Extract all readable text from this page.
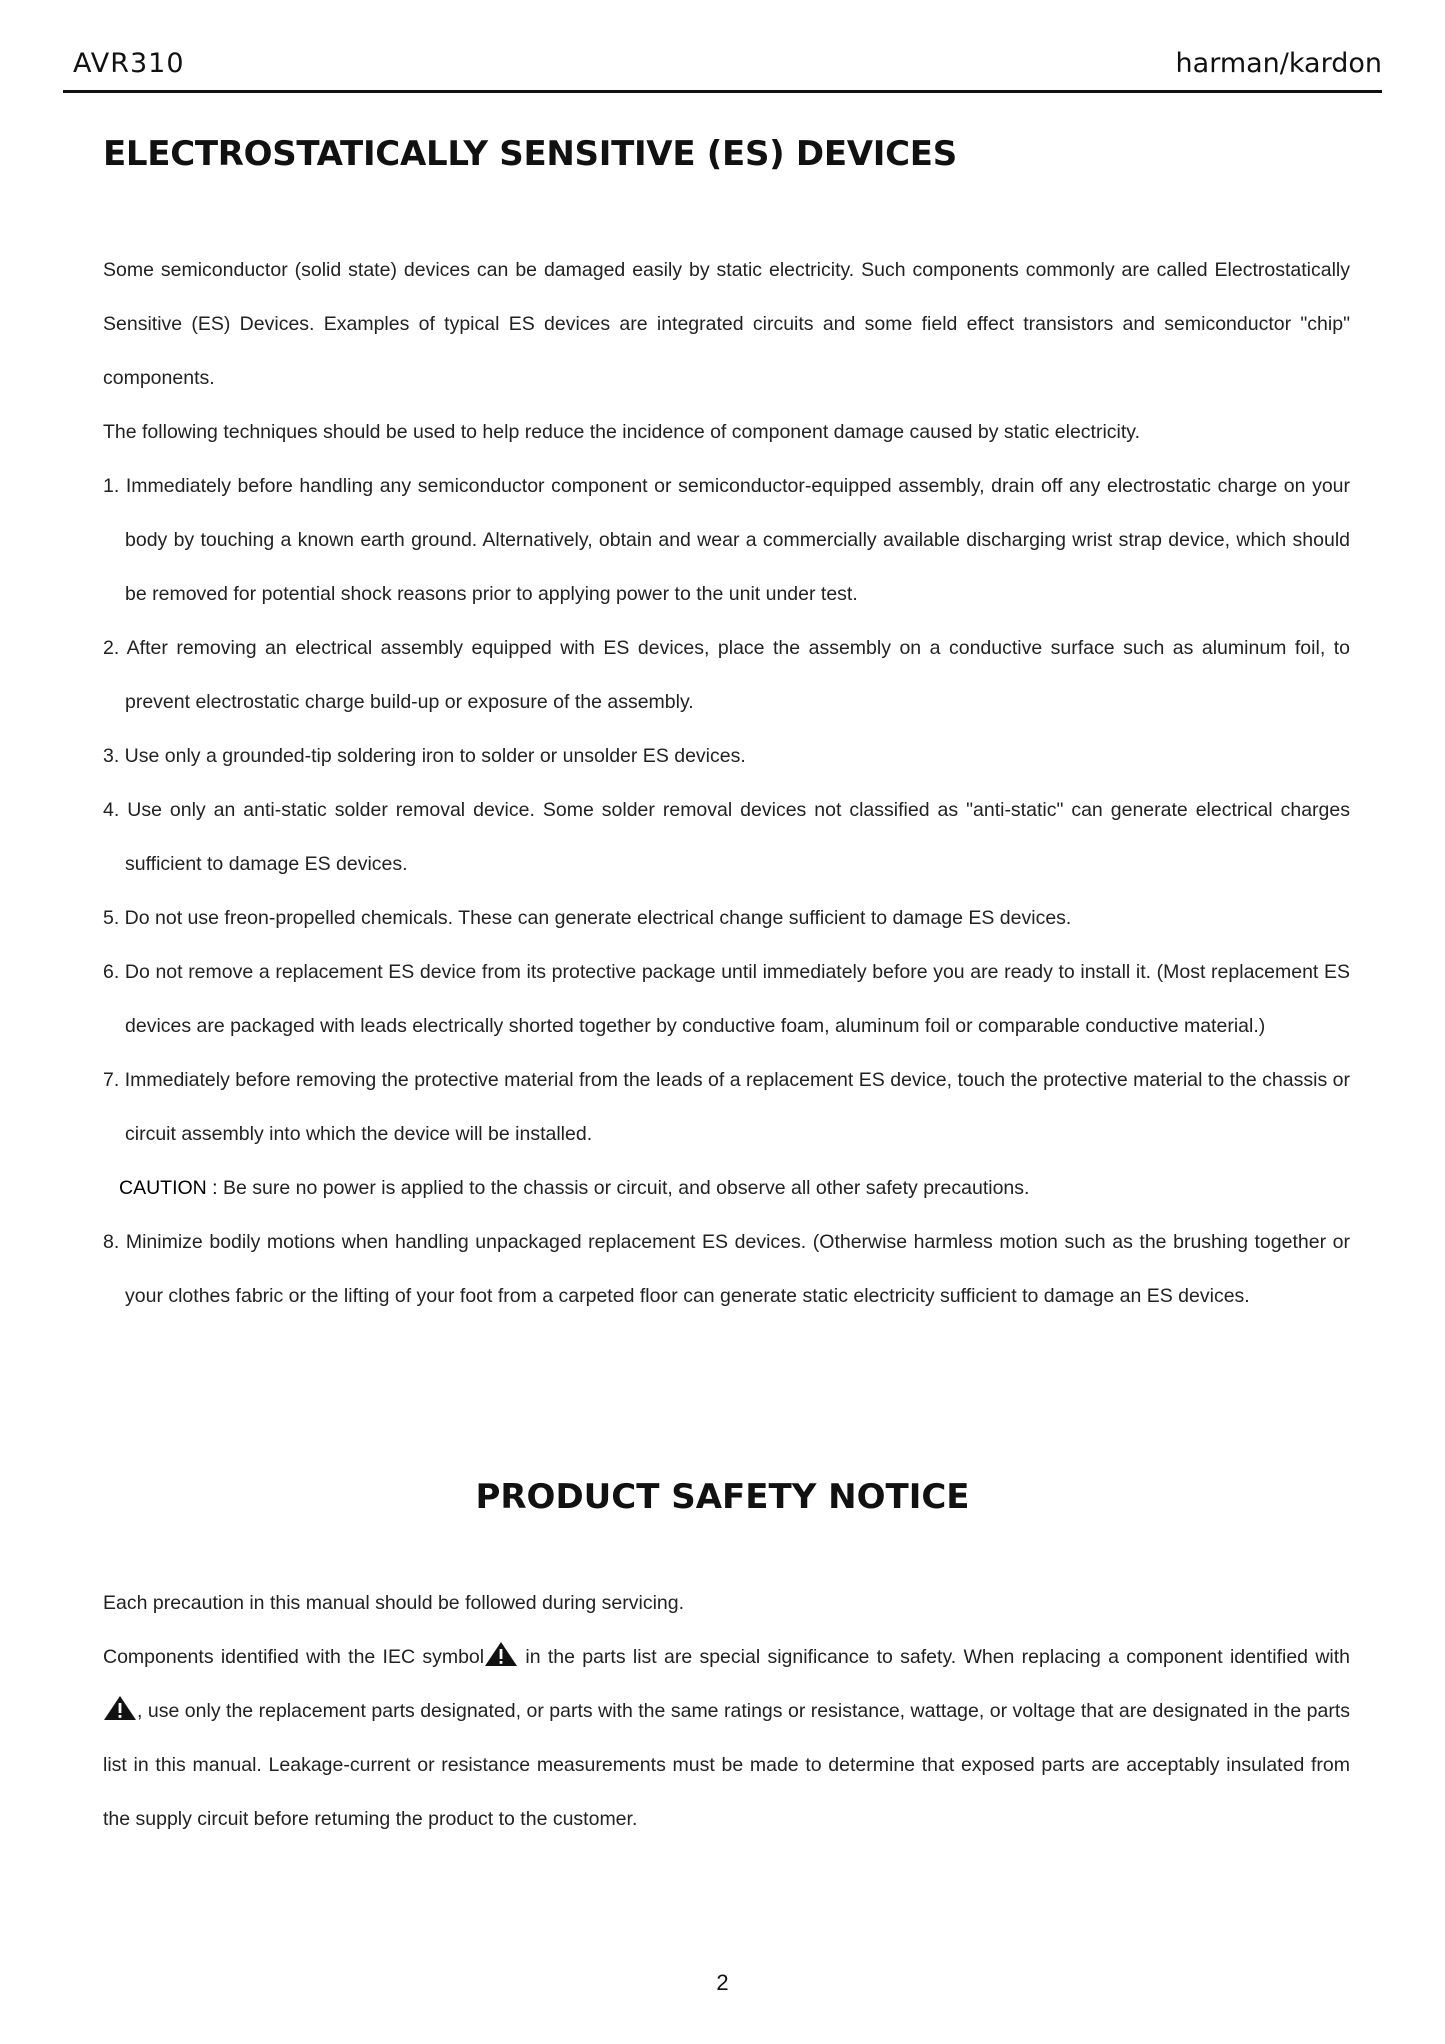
AVR310	harman/kardon
ELECTROSTATICALLY SENSITIVE (ES) DEVICES

Some semiconductor (solid state) devices can be damaged easily by static electricity. Such components commonly are called Electrostatically Sensitive (ES) Devices. Examples of typical ES devices are integrated circuits and some field effect transistors and semiconductor "chip" components.

The following techniques should be used to help reduce the incidence of component damage caused by static electricity.

1. Immediately before handling any semiconductor component or semiconductor-equipped assembly, drain off any electrostatic charge on your body by touching a known earth ground. Alternatively, obtain and wear a commercially available discharging wrist strap device, which should be removed for potential shock reasons prior to applying power to the unit under test.

2. After removing an electrical assembly equipped with ES devices, place the assembly on a conductive surface such as aluminum foil, to prevent electrostatic charge build-up or exposure of the assembly.

3. Use only a grounded-tip soldering iron to solder or unsolder ES devices.

4. Use only an anti-static solder removal device. Some solder removal devices not classified as "anti-static" can generate electrical charges sufficient to damage ES devices.

5. Do not use freon-propelled chemicals. These can generate electrical change sufficient to damage ES devices.

6. Do not remove a replacement ES device from its protective package until immediately before you are ready to install it. (Most replacement ES devices are packaged with leads electrically shorted together by conductive foam, aluminum foil or comparable conductive material.)

7. Immediately before removing the protective material from the leads of a replacement ES device, touch the protective material to the chassis or circuit assembly into which the device will be installed.

CAUTION : Be sure no power is applied to the chassis or circuit, and observe all other safety precautions.

8. Minimize bodily motions when handling unpackaged replacement ES devices. (Otherwise harmless motion such as the brushing together or your clothes fabric or the lifting of your foot from a carpeted floor can generate static electricity sufficient to damage an ES devices.

PRODUCT SAFETY NOTICE

Each precaution in this manual should be followed during servicing.

Components identified with the IEC symbol in the parts list are special significance to safety. When replacing a component identified with , use only the replacement parts designated, or parts with the same ratings or resistance, wattage, or voltage that are designated in the parts list in this manual. Leakage-current or resistance measurements must be made to determine that exposed parts are acceptably insulated from the supply circuit before retuming the product to the customer.

2
